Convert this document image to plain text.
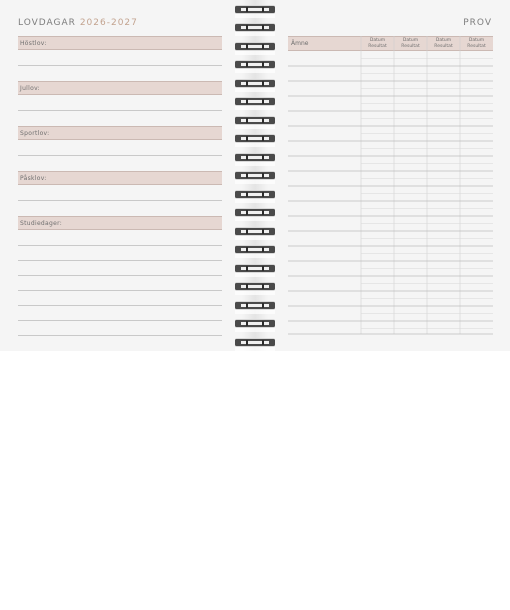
LOVDAGAR 2026-2027
Höstlov:
Jullov:
Sportlov:
Påsklov:
Studiedager:
PROV
Ämne	Datum
Resultat
Datum
Resultat
Datum
Resultat
Datum
Resultat
